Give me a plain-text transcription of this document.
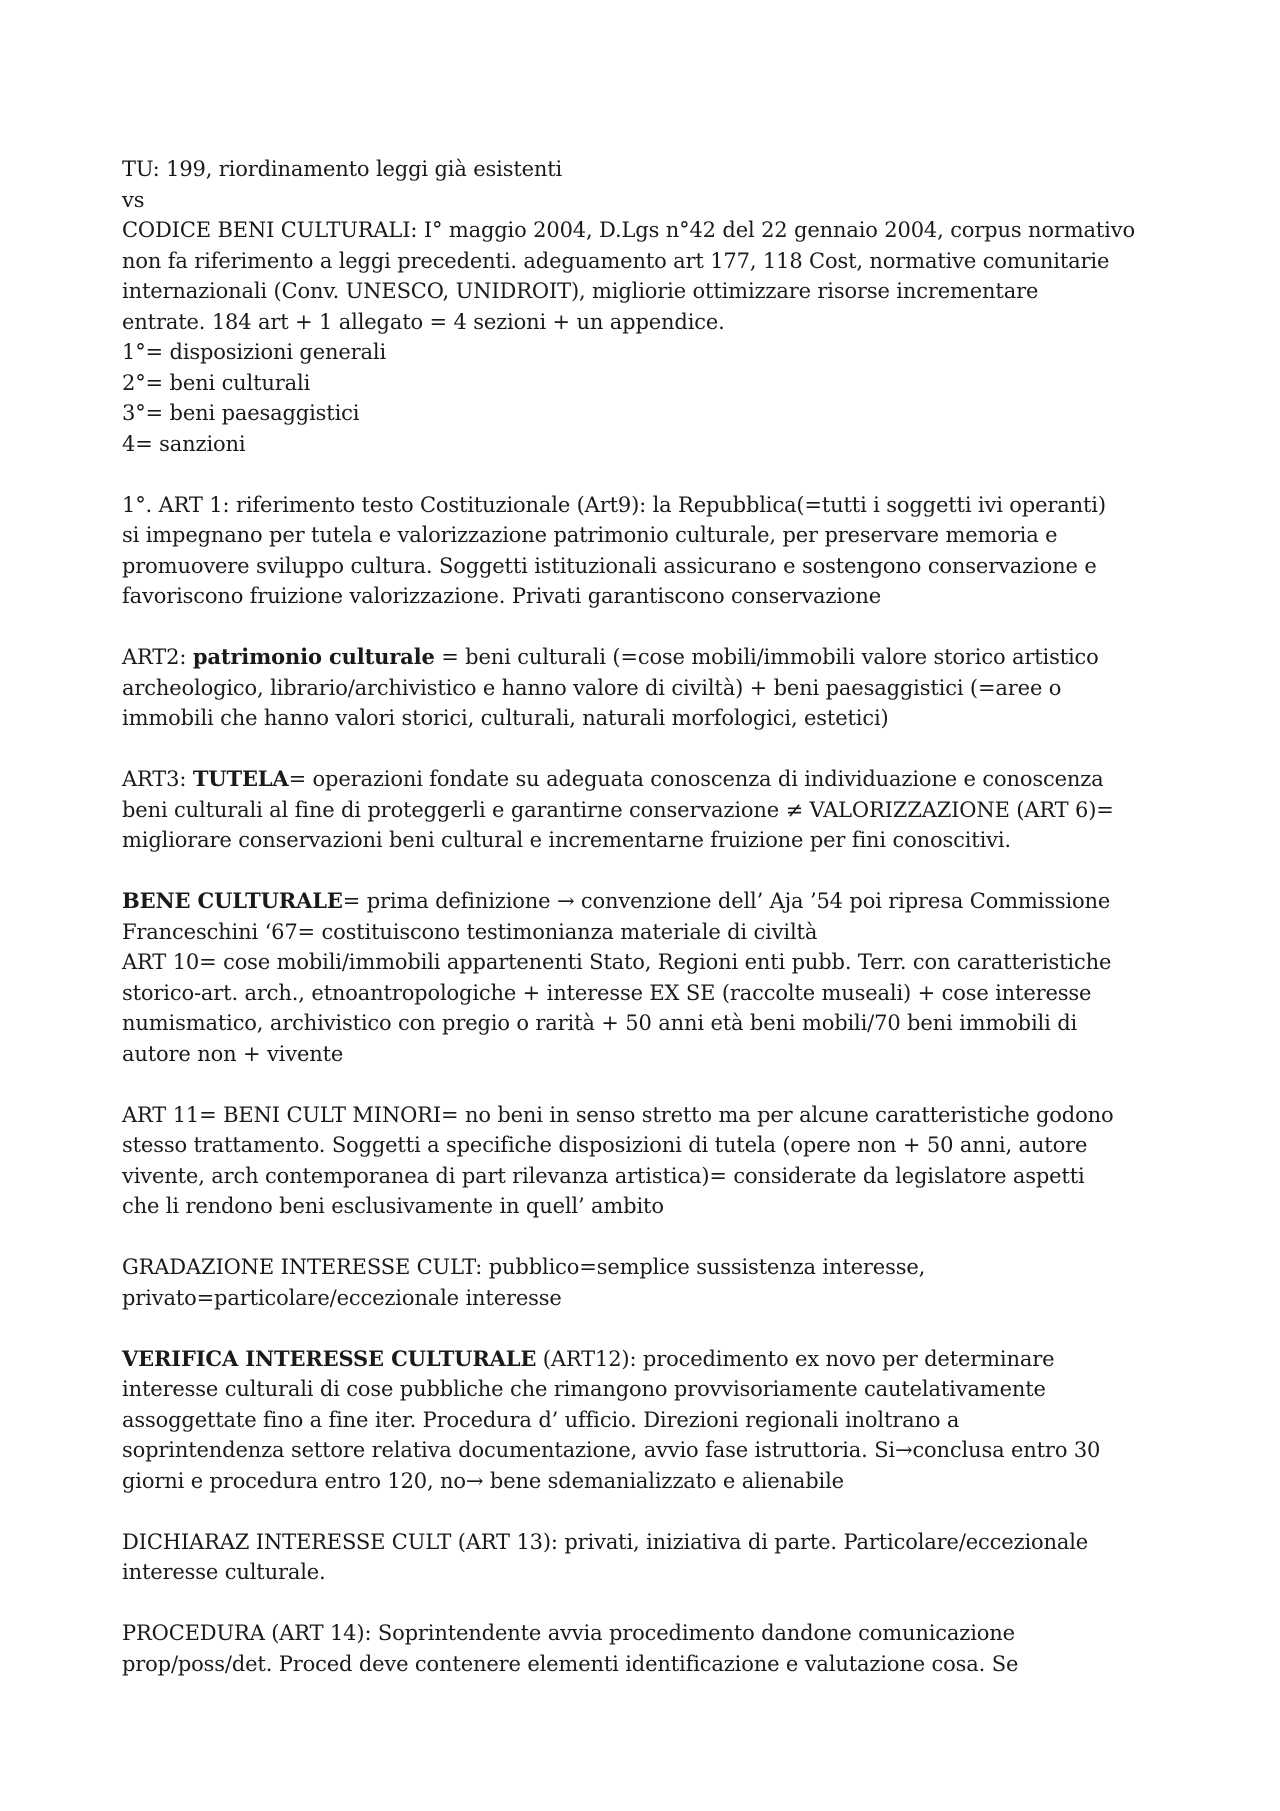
TU: 199, riordinamento leggi già esistenti
vs
CODICE BENI CULTURALI: I° maggio 2004, D.Lgs n°42 del 22 gennaio 2004, corpus normativo
non fa riferimento a leggi precedenti. adeguamento art 177, 118 Cost, normative comunitarie
internazionali (Conv. UNESCO, UNIDROIT), migliorie ottimizzare risorse incrementare
entrate. 184 art + 1 allegato = 4 sezioni + un appendice.
1°= disposizioni generali
2°= beni culturali
3°= beni paesaggistici
4= sanzioni
1°. ART 1: riferimento testo Costituzionale (Art9): la Repubblica(=tutti i soggetti ivi operanti)
si impegnano per tutela e valorizzazione patrimonio culturale, per preservare memoria e
promuovere sviluppo cultura. Soggetti istituzionali assicurano e sostengono conservazione e
favoriscono fruizione valorizzazione. Privati garantiscono conservazione
ART2: patrimonio culturale = beni culturali (=cose mobili/immobili valore storico artistico
archeologico, librario/archivistico e hanno valore di civiltà) + beni paesaggistici (=aree o
immobili che hanno valori storici, culturali, naturali morfologici, estetici)
ART3: TUTELA= operazioni fondate su adeguata conoscenza di individuazione e conoscenza
beni culturali al fine di proteggerli e garantirne conservazione ≠ VALORIZZAZIONE (ART 6)=
migliorare conservazioni beni cultural e incrementarne fruizione per fini conoscitivi.
BENE CULTURALE= prima definizione → convenzione dell’ Aja ’54 poi ripresa Commissione
Franceschini ‘67= costituiscono testimonianza materiale di civiltà
ART 10= cose mobili/immobili appartenenti Stato, Regioni enti pubb. Terr. con caratteristiche
storico-art. arch., etnoantropologiche + interesse EX SE (raccolte museali) + cose interesse
numismatico, archivistico con pregio o rarità + 50 anni età beni mobili/70 beni immobili di
autore non + vivente
ART 11= BENI CULT MINORI= no beni in senso stretto ma per alcune caratteristiche godono
stesso trattamento. Soggetti a specifiche disposizioni di tutela (opere non + 50 anni, autore
vivente, arch contemporanea di part rilevanza artistica)= considerate da legislatore aspetti
che li rendono beni esclusivamente in quell’ ambito
GRADAZIONE INTERESSE CULT: pubblico=semplice sussistenza interesse,
privato=particolare/eccezionale interesse
VERIFICA INTERESSE CULTURALE (ART12): procedimento ex novo per determinare
interesse culturali di cose pubbliche che rimangono provvisoriamente cautelativamente
assoggettate fino a fine iter. Procedura d’ ufficio. Direzioni regionali inoltrano a
soprintendenza settore relativa documentazione, avvio fase istruttoria. Si→conclusa entro 30
giorni e procedura entro 120, no→ bene sdemanializzato e alienabile
DICHIARAZ INTERESSE CULT (ART 13): privati, iniziativa di parte. Particolare/eccezionale
interesse culturale.
PROCEDURA (ART 14): Soprintendente avvia procedimento dandone comunicazione
prop/poss/det. Proced deve contenere elementi identificazione e valutazione cosa. Se
